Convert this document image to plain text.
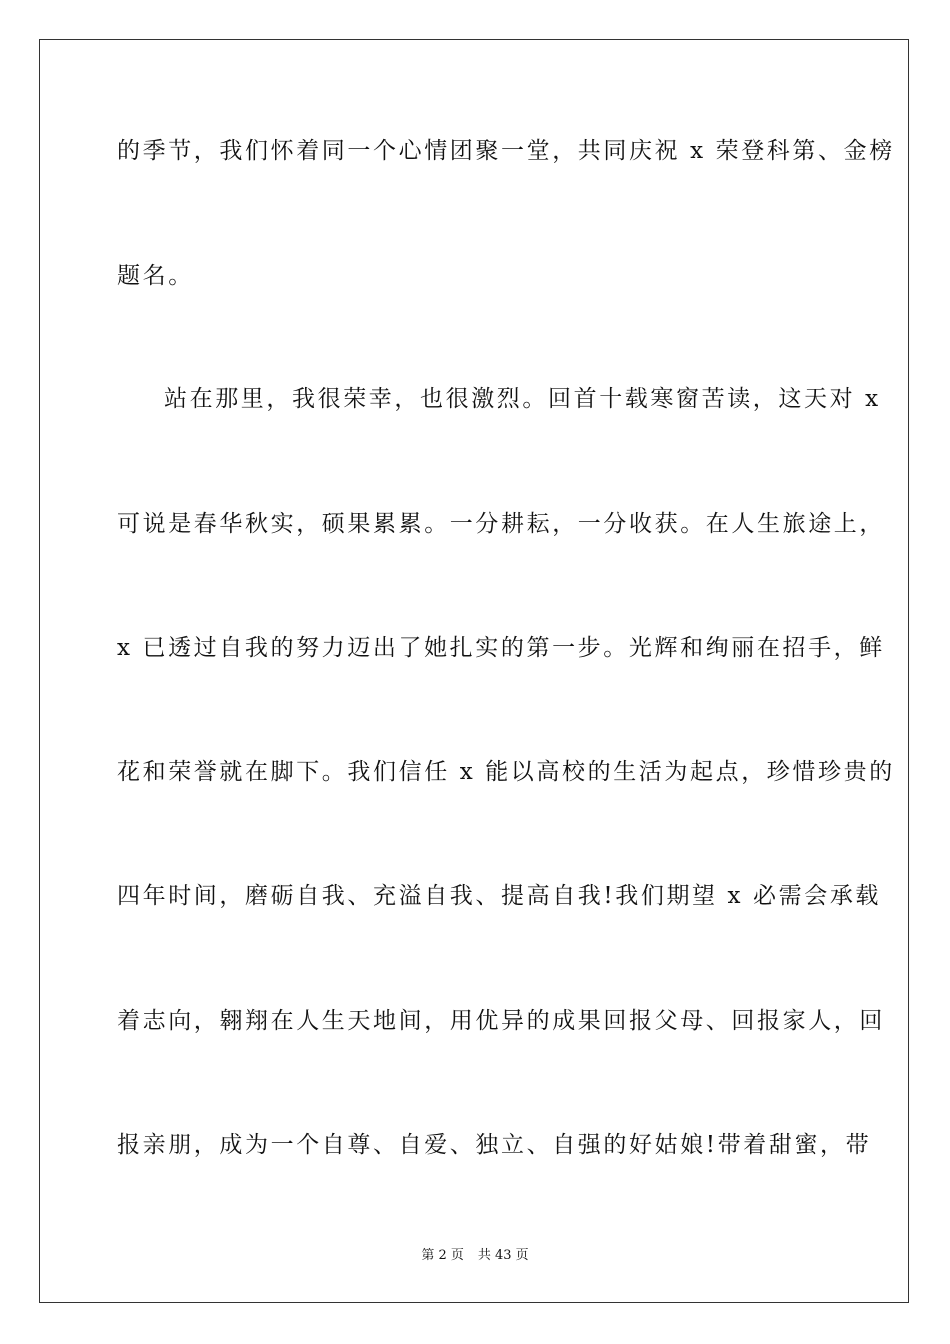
的季节，我们怀着同一个心情团聚一堂，共同庆祝 x 荣登科第、金榜
题名。
站在那里，我很荣幸，也很激烈。回首十载寒窗苦读，这天对 x
可说是春华秋实，硕果累累。一分耕耘，一分收获。在人生旅途上，
x 已透过自我的努力迈出了她扎实的第一步。光辉和绚丽在招手，鲜
花和荣誉就在脚下。我们信任 x 能以高校的生活为起点，珍惜珍贵的
四年时间，磨砺自我、充溢自我、提高自我!我们期望 x 必需会承载
着志向，翱翔在人生天地间，用优异的成果回报父母、回报家人，回
报亲朋，成为一个自尊、自爱、独立、自强的好姑娘!带着甜蜜，带
第 2 页 共 43 页
